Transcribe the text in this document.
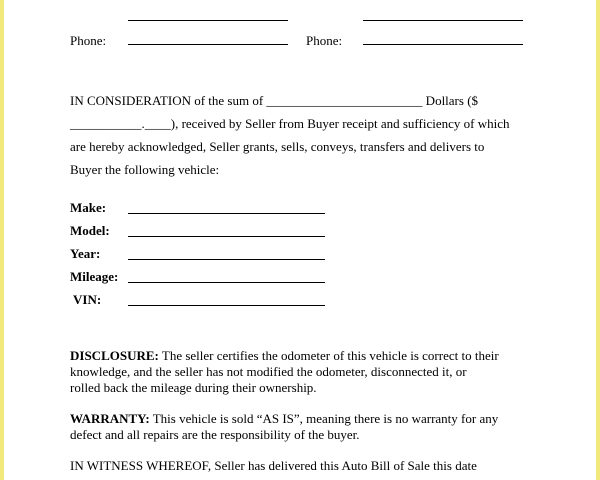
Phone:	Phone:
IN CONSIDERATION of the sum of ________________________ Dollars ($
___________.____), received by Seller from Buyer receipt and sufficiency of which
are hereby acknowledged, Seller grants, sells, conveys, transfers and delivers to
Buyer the following vehicle:
Make:
Model:
Year:
Mileage:
VIN:
DISCLOSURE: The seller certifies the odometer of this vehicle is correct to their
knowledge, and the seller has not modified the odometer, disconnected it, or
rolled back the mileage during their ownership.
WARRANTY: This vehicle is sold “AS IS”, meaning there is no warranty for any
defect and all repairs are the responsibility of the buyer.
IN WITNESS WHEREOF, Seller has delivered this Auto Bill of Sale this date
